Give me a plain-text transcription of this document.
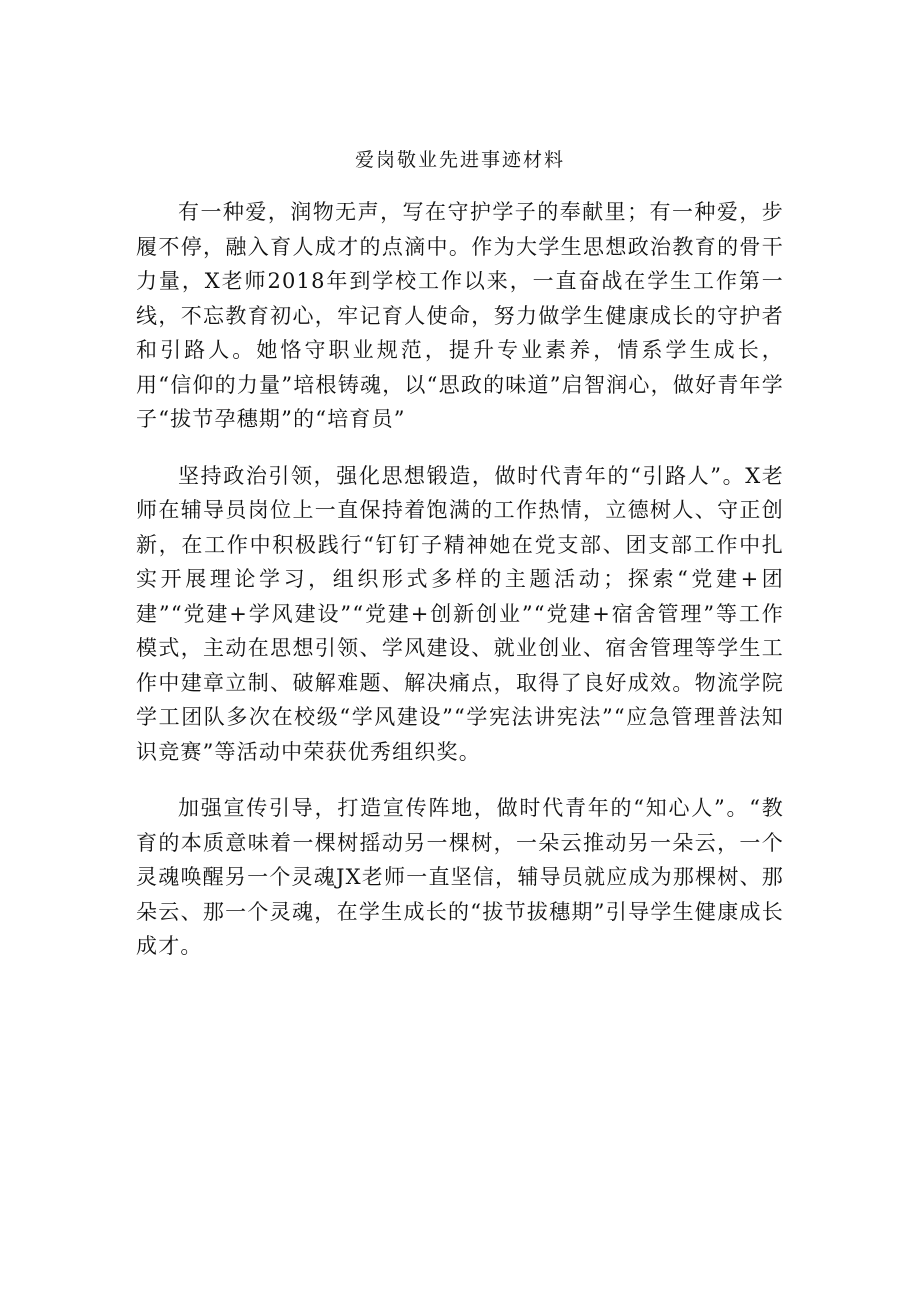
爱岗敬业先进事迹材料

有一种爱，润物无声，写在守护学子的奉献里；有一种爱，步履不停，融入育人成才的点滴中。作为大学生思想政治教育的骨干力量，X老师2018年到学校工作以来，一直奋战在学生工作第一线，不忘教育初心，牢记育人使命，努力做学生健康成长的守护者和引路人。她恪守职业规范，提升专业素养，情系学生成长，用“信仰的力量”培根铸魂，以“思政的味道”启智润心，做好青年学子“拔节孕穗期”的“培育员”

坚持政治引领，强化思想锻造，做时代青年的“引路人”。X老师在辅导员岗位上一直保持着饱满的工作热情，立德树人、守正创新，在工作中积极践行“钉钉子精神她在党支部、团支部工作中扎实开展理论学习，组织形式多样的主题活动；探索“党建+团建”“党建+学风建设”“党建+创新创业”“党建+宿舍管理”等工作模式，主动在思想引领、学风建设、就业创业、宿舍管理等学生工作中建章立制、破解难题、解决痛点，取得了良好成效。物流学院学工团队多次在校级“学风建设”“学宪法讲宪法”“应急管理普法知识竞赛”等活动中荣获优秀组织奖。

加强宣传引导，打造宣传阵地，做时代青年的“知心人”。“教育的本质意味着一棵树摇动另一棵树，一朵云推动另一朵云，一个灵魂唤醒另一个灵魂JX老师一直坚信，辅导员就应成为那棵树、那朵云、那一个灵魂，在学生成长的“拔节拔穗期”引导学生健康成长成才。
